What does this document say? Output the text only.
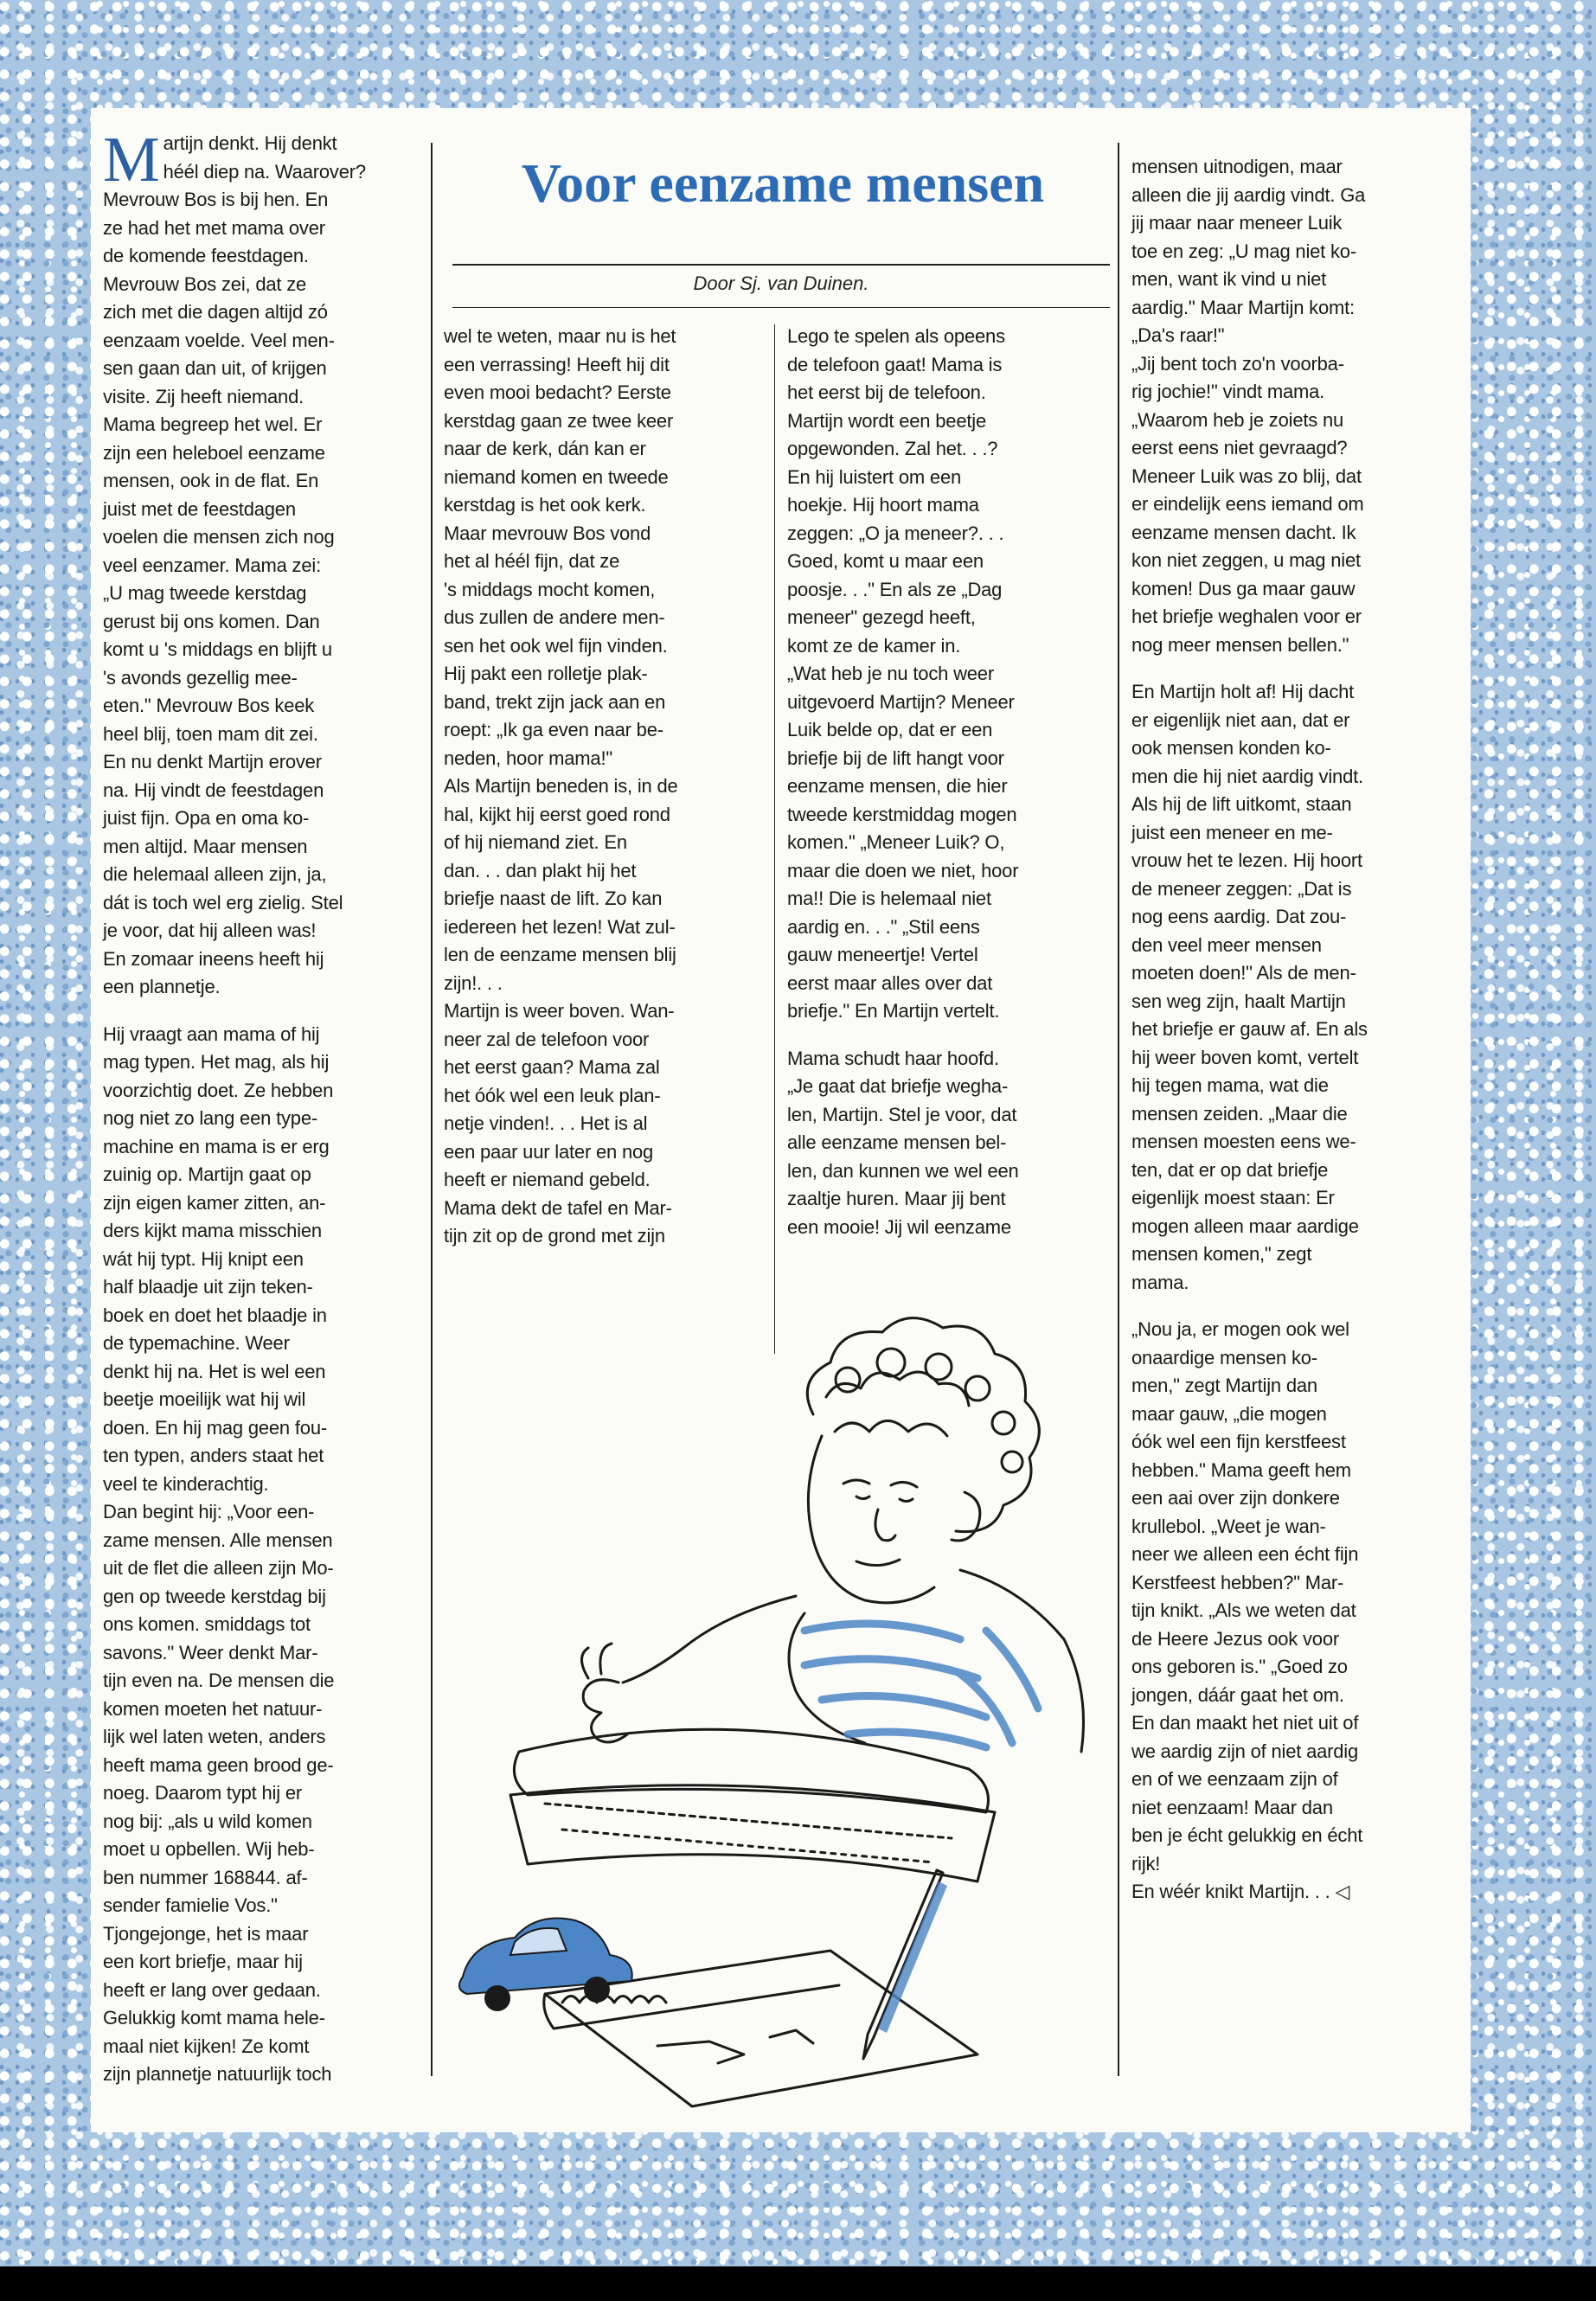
Voor eenzame mensen
Door Sj. van Duinen.

Martijn denkt. Hij denkt
héél diep na. Waarover?
Mevrouw Bos is bij hen. En
ze had het met mama over
de komende feestdagen.
Mevrouw Bos zei, dat ze
zich met die dagen altijd zó
eenzaam voelde. Veel men-
sen gaan dan uit, of krijgen
visite. Zij heeft niemand.
Mama begreep het wel. Er
zijn een heleboel eenzame
mensen, ook in de flat. En
juist met de feestdagen
voelen die mensen zich nog
veel eenzamer. Mama zei:
„U mag tweede kerstdag
gerust bij ons komen. Dan
komt u 's middags en blijft u
's avonds gezellig mee-
eten." Mevrouw Bos keek
heel blij, toen mam dit zei.
En nu denkt Martijn erover
na. Hij vindt de feestdagen
juist fijn. Opa en oma ko-
men altijd. Maar mensen
die helemaal alleen zijn, ja,
dát is toch wel erg zielig. Stel
je voor, dat hij alleen was!
En zomaar ineens heeft hij
een plannetje.

Hij vraagt aan mama of hij
mag typen. Het mag, als hij
voorzichtig doet. Ze hebben
nog niet zo lang een type-
machine en mama is er erg
zuinig op. Martijn gaat op
zijn eigen kamer zitten, an-
ders kijkt mama misschien
wát hij typt. Hij knipt een
half blaadje uit zijn teken-
boek en doet het blaadje in
de typemachine. Weer
denkt hij na. Het is wel een
beetje moeilijk wat hij wil
doen. En hij mag geen fou-
ten typen, anders staat het
veel te kinderachtig.
Dan begint hij: „Voor een-
zame mensen. Alle mensen
uit de flet die alleen zijn Mo-
gen op tweede kerstdag bij
ons komen. smiddags tot
savons." Weer denkt Mar-
tijn even na. De mensen die
komen moeten het natuur-
lijk wel laten weten, anders
heeft mama geen brood ge-
noeg. Daarom typt hij er
nog bij: „als u wild komen
moet u opbellen. Wij heb-
ben nummer 168844. af-
sender famielie Vos."
Tjongejonge, het is maar
een kort briefje, maar hij
heeft er lang over gedaan.
Gelukkig komt mama hele-
maal niet kijken! Ze komt
zijn plannetje natuurlijk toch

wel te weten, maar nu is het
een verrassing! Heeft hij dit
even mooi bedacht? Eerste
kerstdag gaan ze twee keer
naar de kerk, dán kan er
niemand komen en tweede
kerstdag is het ook kerk.
Maar mevrouw Bos vond
het al héél fijn, dat ze
's middags mocht komen,
dus zullen de andere men-
sen het ook wel fijn vinden.
Hij pakt een rolletje plak-
band, trekt zijn jack aan en
roept: „Ik ga even naar be-
neden, hoor mama!"
Als Martijn beneden is, in de
hal, kijkt hij eerst goed rond
of hij niemand ziet. En
dan. . . dan plakt hij het
briefje naast de lift. Zo kan
iedereen het lezen! Wat zul-
len de eenzame mensen blij
zijn!. . .
Martijn is weer boven. Wan-
neer zal de telefoon voor
het eerst gaan? Mama zal
het óók wel een leuk plan-
netje vinden!. . . Het is al
een paar uur later en nog
heeft er niemand gebeld.
Mama dekt de tafel en Mar-
tijn zit op de grond met zijn

Lego te spelen als opeens
de telefoon gaat! Mama is
het eerst bij de telefoon.
Martijn wordt een beetje
opgewonden. Zal het. . .?
En hij luistert om een
hoekje. Hij hoort mama
zeggen: „O ja meneer?. . .
Goed, komt u maar een
poosje. . ." En als ze „Dag
meneer" gezegd heeft,
komt ze de kamer in.
„Wat heb je nu toch weer
uitgevoerd Martijn? Meneer
Luik belde op, dat er een
briefje bij de lift hangt voor
eenzame mensen, die hier
tweede kerstmiddag mogen
komen." „Meneer Luik? O,
maar die doen we niet, hoor
ma!! Die is helemaal niet
aardig en. . ." „Stil eens
gauw meneertje! Vertel
eerst maar alles over dat
briefje." En Martijn vertelt.

Mama schudt haar hoofd.
„Je gaat dat briefje wegha-
len, Martijn. Stel je voor, dat
alle eenzame mensen bel-
len, dan kunnen we wel een
zaaltje huren. Maar jij bent
een mooie! Jij wil eenzame

mensen uitnodigen, maar
alleen die jij aardig vindt. Ga
jij maar naar meneer Luik
toe en zeg: „U mag niet ko-
men, want ik vind u niet
aardig." Maar Martijn komt:
„Da's raar!"
„Jij bent toch zo'n voorba-
rig jochie!" vindt mama.
„Waarom heb je zoiets nu
eerst eens niet gevraagd?
Meneer Luik was zo blij, dat
er eindelijk eens iemand om
eenzame mensen dacht. Ik
kon niet zeggen, u mag niet
komen! Dus ga maar gauw
het briefje weghalen voor er
nog meer mensen bellen."

En Martijn holt af! Hij dacht
er eigenlijk niet aan, dat er
ook mensen konden ko-
men die hij niet aardig vindt.
Als hij de lift uitkomt, staan
juist een meneer en me-
vrouw het te lezen. Hij hoort
de meneer zeggen: „Dat is
nog eens aardig. Dat zou-
den veel meer mensen
moeten doen!" Als de men-
sen weg zijn, haalt Martijn
het briefje er gauw af. En als
hij weer boven komt, vertelt
hij tegen mama, wat die
mensen zeiden. „Maar die
mensen moesten eens we-
ten, dat er op dat briefje
eigenlijk moest staan: Er
mogen alleen maar aardige
mensen komen," zegt
mama.

„Nou ja, er mogen ook wel
onaardige mensen ko-
men," zegt Martijn dan
maar gauw, „die mogen
óók wel een fijn kerstfeest
hebben." Mama geeft hem
een aai over zijn donkere
krullebol. „Weet je wan-
neer we alleen een écht fijn
Kerstfeest hebben?" Mar-
tijn knikt. „Als we weten dat
de Heere Jezus ook voor
ons geboren is." „Goed zo
jongen, dáár gaat het om.
En dan maakt het niet uit of
we aardig zijn of niet aardig
en of we eenzaam zijn of
niet eenzaam! Maar dan
ben je écht gelukkig en écht
rijk!
En wéér knikt Martijn. . . ◁
